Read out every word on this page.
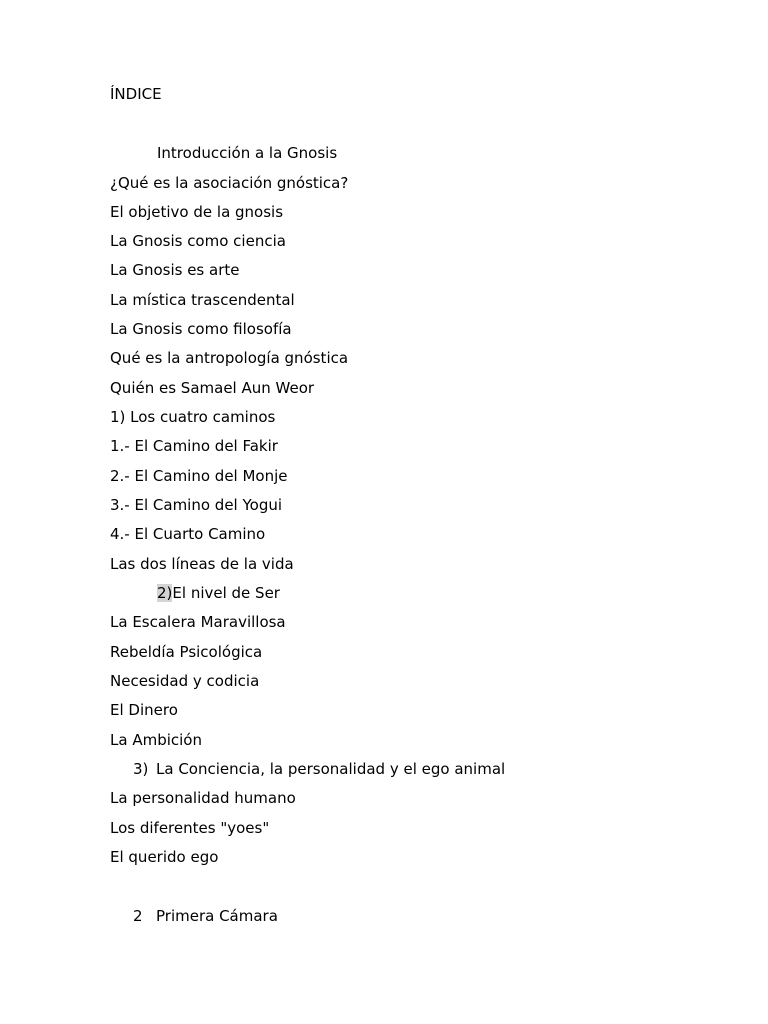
ÍNDICE
Introducción a la Gnosis
¿Qué es la asociación gnóstica?
El objetivo de la gnosis
La Gnosis como ciencia
La Gnosis es arte
La mística trascendental
La Gnosis como filosofía
Qué es la antropología gnóstica
Quién es Samael Aun Weor
1) Los cuatro caminos
1.- El Camino del Fakir
2.- El Camino del Monje
3.- El Camino del Yogui
4.- El Cuarto Camino
Las dos líneas de la vida
2)El nivel de Ser
La Escalera Maravillosa
Rebeldía Psicológica
Necesidad y codicia
El Dinero
La Ambición
3) La Conciencia, la personalidad y el ego animal
La personalidad humano
Los diferentes "yoes"
El querido ego
2 Primera Cámara
